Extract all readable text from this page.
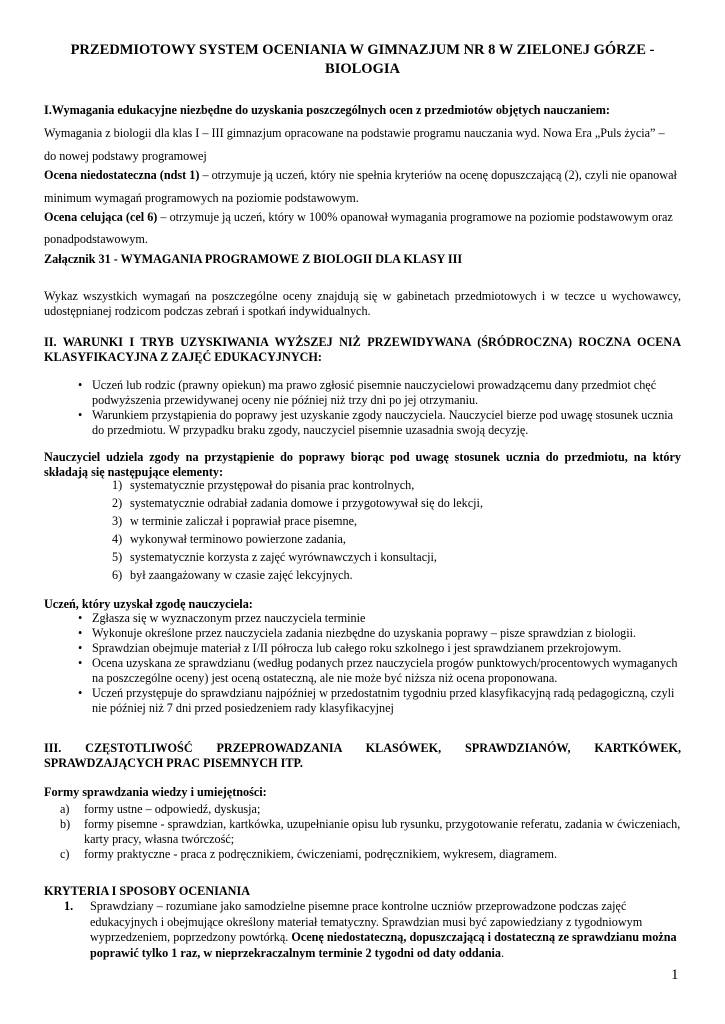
PRZEDMIOTOWY SYSTEM OCENIANIA W GIMNAZJUM NR 8 W ZIELONEJ GÓRZE - BIOLOGIA
I.Wymagania edukacyjne niezbędne do uzyskania poszczególnych ocen z przedmiotów objętych nauczaniem:
Wymagania z biologii dla klas I – III gimnazjum opracowane na podstawie programu nauczania wyd. Nowa Era „Puls życia” –
do nowej podstawy programowej
Ocena niedostateczna (ndst 1) – otrzymuje ją uczeń, który nie spełnia kryteriów na ocenę dopuszczającą (2), czyli nie opanował
minimum wymagań programowych na poziomie podstawowym.
Ocena celująca (cel 6) – otrzymuje ją uczeń, który w 100% opanował wymagania programowe na poziomie podstawowym oraz
ponadpodstawowym.
Załącznik 31 - WYMAGANIA PROGRAMOWE Z BIOLOGII DLA KLASY III
Wykaz wszystkich wymagań na poszczególne oceny znajdują się w gabinetach przedmiotowych i w teczce u wychowawcy, udostępnianej rodzicom podczas zebrań i spotkań indywidualnych.
II. WARUNKI I TRYB UZYSKIWANIA WYŻSZEJ NIŻ PRZEWIDYWANA (ŚRÓDROCZNA) ROCZNA OCENA KLASYFIKACYJNA Z ZAJĘĆ EDUKACYJNYCH:
• Uczeń lub rodzic (prawny opiekun) ma prawo zgłosić pisemnie nauczycielowi prowadzącemu dany przedmiot chęć podwyższenia przewidywanej oceny nie później niż trzy dni po jej otrzymaniu.
• Warunkiem przystąpienia do poprawy jest uzyskanie zgody nauczyciela. Nauczyciel bierze pod uwagę stosunek ucznia do przedmiotu. W przypadku braku zgody, nauczyciel pisemnie uzasadnia swoją decyzję.
Nauczyciel udziela zgody na przystąpienie do poprawy biorąc pod uwagę stosunek ucznia do przedmiotu, na który składają się następujące elementy:
1) systematycznie przystępował do pisania prac kontrolnych,
2) systematycznie odrabiał zadania domowe i przygotowywał się do lekcji,
3) w terminie zaliczał i poprawiał prace pisemne,
4) wykonywał terminowo powierzone zadania,
5) systematycznie korzysta z zajęć wyrównawczych i konsultacji,
6) był zaangażowany w czasie zajęć lekcyjnych.
Uczeń, który uzyskał zgodę nauczyciela:
• Zgłasza się w wyznaczonym przez nauczyciela terminie
• Wykonuje określone przez nauczyciela zadania niezbędne do uzyskania poprawy – pisze sprawdzian z biologii.
• Sprawdzian obejmuje materiał z I/II półrocza lub całego roku szkolnego i jest sprawdzianem przekrojowym.
• Ocena uzyskana ze sprawdzianu (według podanych przez nauczyciela progów punktowych/procentowych wymaganych na poszczególne oceny) jest oceną ostateczną, ale nie może być niższa niż ocena proponowana.
• Uczeń przystępuje do sprawdzianu najpóźniej w przedostatnim tygodniu przed klasyfikacyjną radą pedagogiczną, czyli nie później niż 7 dni przed posiedzeniem rady klasyfikacyjnej
III. CZĘSTOTLIWOŚĆ PRZEPROWADZANIA KLASÓWEK, SPRAWDZIANÓW, KARTKÓWEK,
SPRAWDZAJĄCYCH PRAC PISEMNYCH ITP.
Formy sprawdzania wiedzy i umiejętności:
a) formy ustne – odpowiedź, dyskusja;
b) formy pisemne - sprawdzian, kartkówka, uzupełnianie opisu lub rysunku, przygotowanie referatu, zadania w ćwiczeniach, karty pracy, własna twórczość;
c) formy praktyczne - praca z podręcznikiem, ćwiczeniami, podręcznikiem, wykresem, diagramem.
KRYTERIA I SPOSOBY OCENIANIA
1. Sprawdziany – rozumiane jako samodzielne pisemne prace kontrolne uczniów przeprowadzone podczas zajęć edukacyjnych i obejmujące określony materiał tematyczny. Sprawdzian musi być zapowiedziany z tygodniowym wyprzedzeniem, poprzedzony powtórką. Ocenę niedostateczną, dopuszczającą i dostateczną ze sprawdzianu można poprawić tylko 1 raz, w nieprzekraczalnym terminie 2 tygodni od daty oddania.
1
